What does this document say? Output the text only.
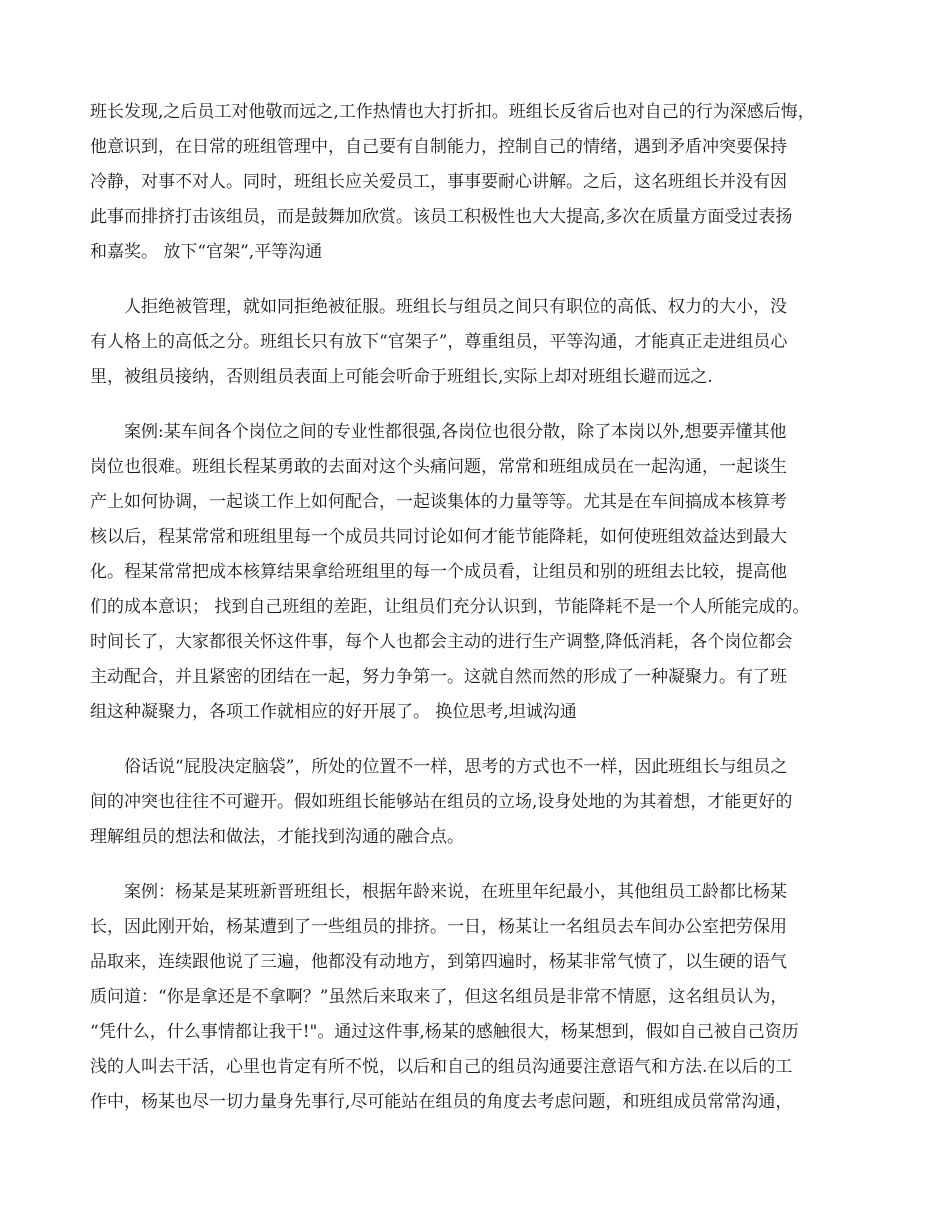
班长发现,之后员工对他敬而远之,工作热情也大打折扣。班组长反省后也对自己的行为深感后悔，
他意识到，在日常的班组管理中，自己要有自制能力，控制自己的情绪，遇到矛盾冲突要保持
冷静，对事不对人。同时，班组长应关爱员工，事事要耐心讲解。之后，这名班组长并没有因
此事而排挤打击该组员，而是鼓舞加欣赏。该员工积极性也大大提高,多次在质量方面受过表扬
和嘉奖。 放下“官架”,平等沟通
人拒绝被管理，就如同拒绝被征服。班组长与组员之间只有职位的高低、权力的大小，没
有人格上的高低之分。班组长只有放下“官架子”，尊重组员，平等沟通，才能真正走进组员心
里，被组员接纳，否则组员表面上可能会听命于班组长,实际上却对班组长避而远之.
案例:某车间各个岗位之间的专业性都很强,各岗位也很分散，除了本岗以外,想要弄懂其他
岗位也很难。班组长程某勇敢的去面对这个头痛问题，常常和班组成员在一起沟通，一起谈生
产上如何协调，一起谈工作上如何配合，一起谈集体的力量等等。尤其是在车间搞成本核算考
核以后，程某常常和班组里每一个成员共同讨论如何才能节能降耗，如何使班组效益达到最大
化。程某常常把成本核算结果拿给班组里的每一个成员看，让组员和别的班组去比较，提高他
们的成本意识； 找到自己班组的差距，让组员们充分认识到，节能降耗不是一个人所能完成的。
时间长了，大家都很关怀这件事，每个人也都会主动的进行生产调整,降低消耗，各个岗位都会
主动配合，并且紧密的团结在一起，努力争第一。这就自然而然的形成了一种凝聚力。有了班
组这种凝聚力，各项工作就相应的好开展了。 换位思考,坦诚沟通
俗话说“屁股决定脑袋”，所处的位置不一样，思考的方式也不一样，因此班组长与组员之
间的冲突也往往不可避开。假如班组长能够站在组员的立场,设身处地的为其着想，才能更好的
理解组员的想法和做法，才能找到沟通的融合点。
案例：杨某是某班新晋班组长，根据年龄来说，在班里年纪最小，其他组员工龄都比杨某
长，因此刚开始，杨某遭到了一些组员的排挤。一日，杨某让一名组员去车间办公室把劳保用
品取来，连续跟他说了三遍，他都没有动地方，到第四遍时，杨某非常气愤了，以生硬的语气
质问道：“你是拿还是不拿啊？”虽然后来取来了，但这名组员是非常不情愿，这名组员认为，
“凭什么，什么事情都让我干!"。通过这件事,杨某的感触很大，杨某想到，假如自己被自己资历
浅的人叫去干活，心里也肯定有所不悦，以后和自己的组员沟通要注意语气和方法.在以后的工
作中，杨某也尽一切力量身先事行,尽可能站在组员的角度去考虑问题，和班组成员常常沟通，
